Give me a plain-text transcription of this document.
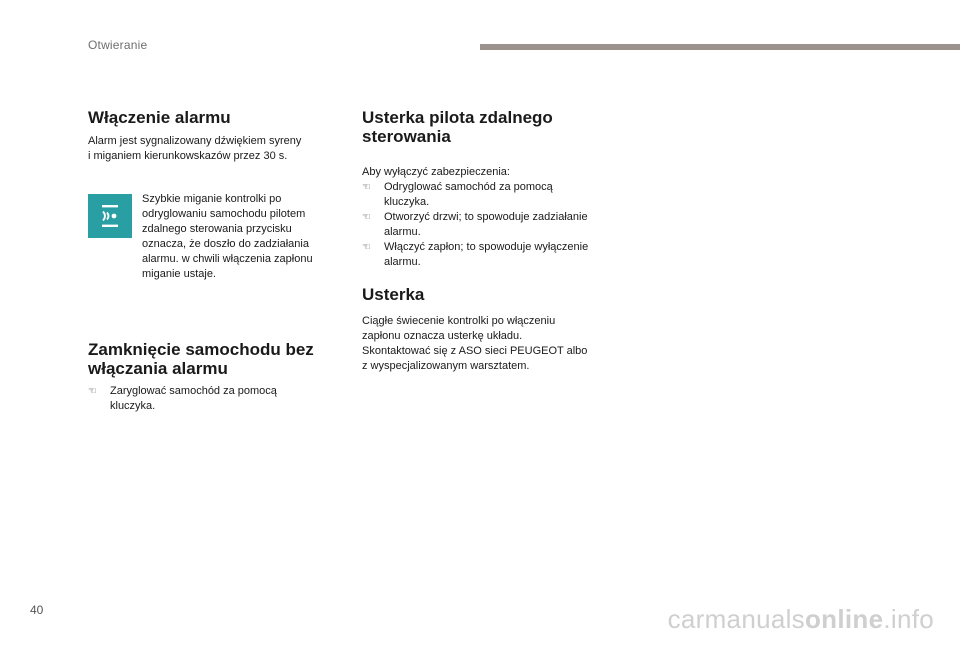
Otwieranie
Włączenie alarmu

Alarm jest sygnalizowany dźwiękiem syreny

i miganiem kierunkowskazów przez 30 s.

Szybkie miganie kontrolki po

odryglowaniu samochodu pilotem

zdalnego sterowania przycisku

oznacza, że doszło do zadziałania

alarmu. w chwili włączenia zapłonu

miganie ustaje.

Zamknięcie samochodu bez
włączania alarmu
☜ Zaryglować samochód za pomocą
kluczyka.
Usterka pilota zdalnego
sterowania

Aby wyłączyć zabezpieczenia:

☜ Odryglować samochód za pomocą
kluczyka.
☜ Otworzyć drzwi; to spowoduje zadziałanie
alarmu.
☜ Włączyć zapłon; to spowoduje wyłączenie
alarmu.
Usterka

Ciągłe świecenie kontrolki po włączeniu

zapłonu oznacza usterkę układu.

Skontaktować się z ASO sieci PEUGEOT albo

z wyspecjalizowanym warsztatem.

40	carmanualsonline.info
